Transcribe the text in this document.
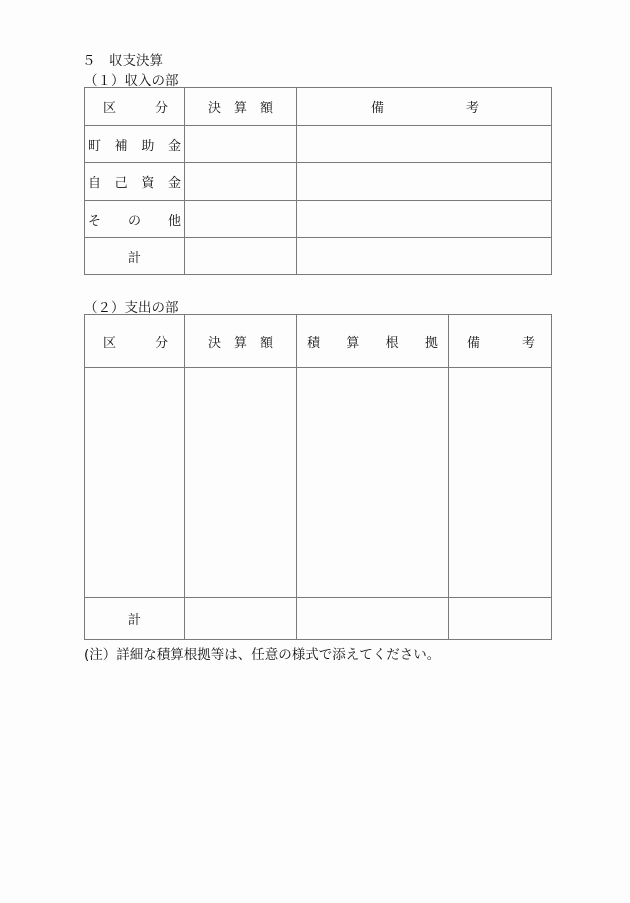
５　収支決算
（１）収入の部
区 分	決 算 額	備 考

町 補 助 金		

自 己 資 金		

そ の 他		

計		
（２）支出の部
区 分	決 算 額	積 算 根 拠	備 考

計			
(注）詳細な積算根拠等は、任意の様式で添えてください。
